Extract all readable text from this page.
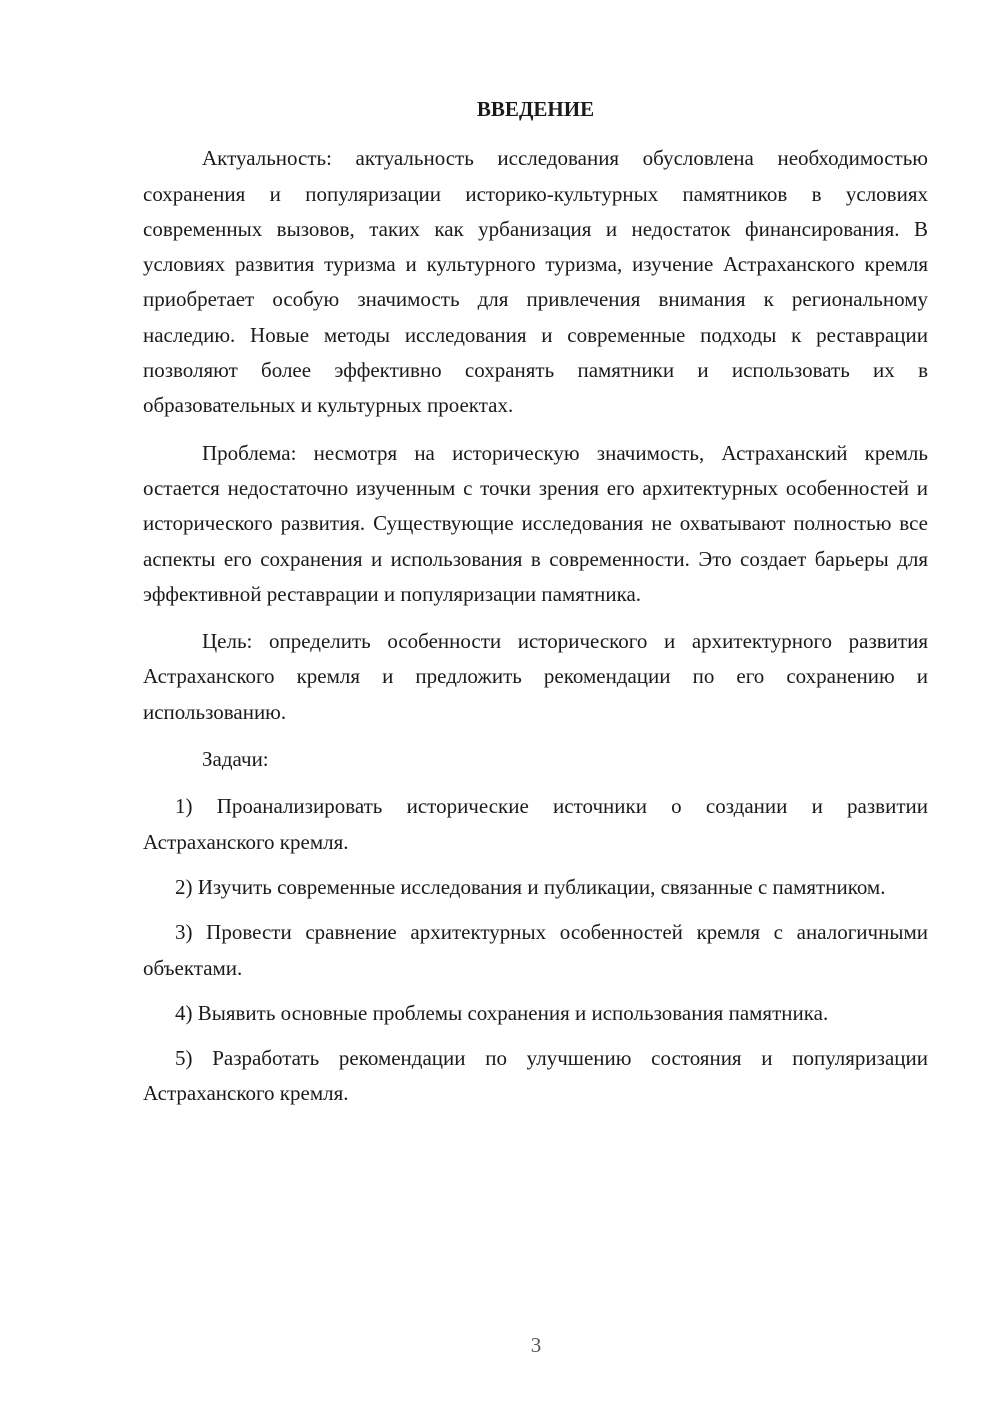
ВВЕДЕНИЕ

Актуальность: актуальность исследования обусловлена необходимостью сохранения и популяризации историко-культурных памятников в условиях современных вызовов, таких как урбанизация и недостаток финансирования. В условиях развития туризма и культурного туризма, изучение Астраханского кремля приобретает особую значимость для привлечения внимания к региональному наследию. Новые методы исследования и современные подходы к реставрации позволяют более эффективно сохранять памятники и использовать их в образовательных и культурных проектах.

Проблема: несмотря на историческую значимость, Астраханский кремль остается недостаточно изученным с точки зрения его архитектурных особенностей и исторического развития. Существующие исследования не охватывают полностью все аспекты его сохранения и использования в современности. Это создает барьеры для эффективной реставрации и популяризации памятника.

Цель: определить особенности исторического и архитектурного развития Астраханского кремля и предложить рекомендации по его сохранению и использованию.

Задачи:

1) Проанализировать исторические источники о создании и развитии Астраханского кремля.

2) Изучить современные исследования и публикации, связанные с памятником.

3) Провести сравнение архитектурных особенностей кремля с аналогичными объектами.

4) Выявить основные проблемы сохранения и использования памятника.

5) Разработать рекомендации по улучшению состояния и популяризации Астраханского кремля.

3
